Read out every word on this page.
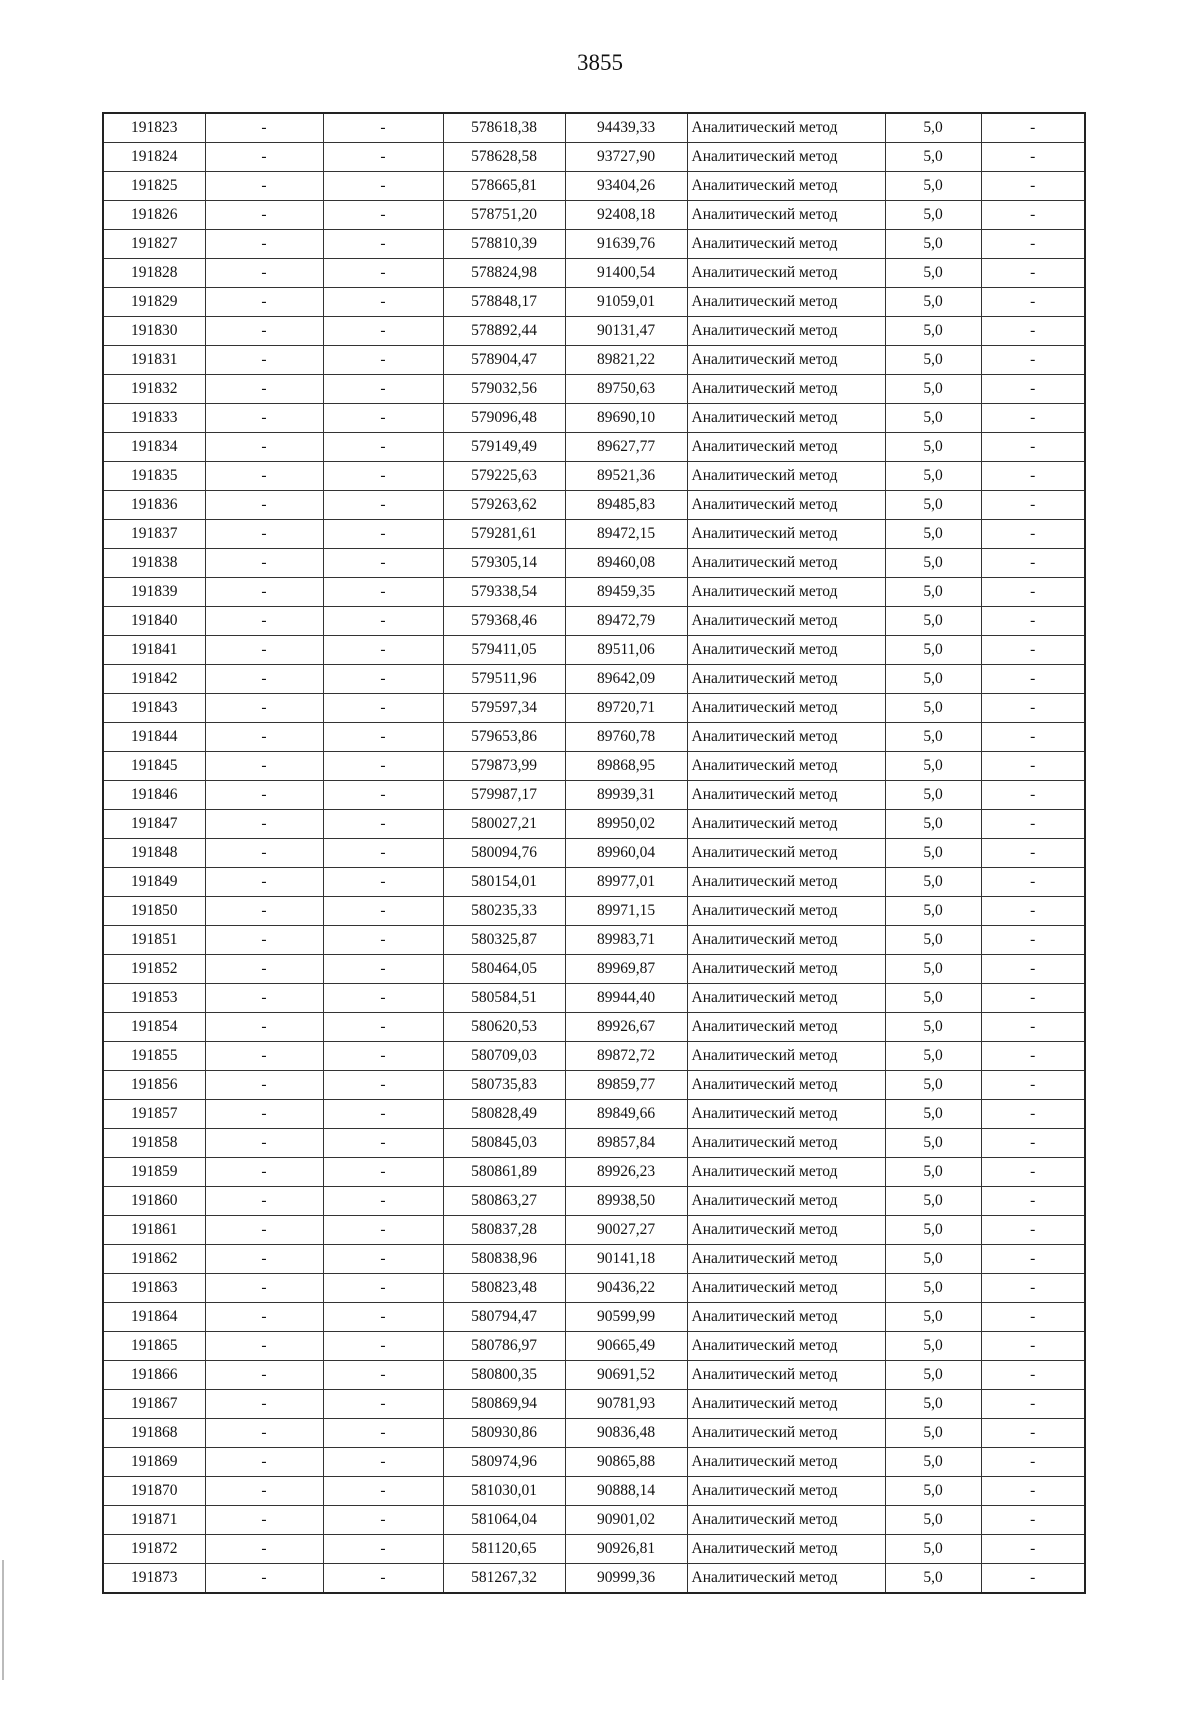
3855
191823	-	-	578618,38	94439,33	Аналитический метод	5,0	-
191824	-	-	578628,58	93727,90	Аналитический метод	5,0	-
191825	-	-	578665,81	93404,26	Аналитический метод	5,0	-
191826	-	-	578751,20	92408,18	Аналитический метод	5,0	-
191827	-	-	578810,39	91639,76	Аналитический метод	5,0	-
191828	-	-	578824,98	91400,54	Аналитический метод	5,0	-
191829	-	-	578848,17	91059,01	Аналитический метод	5,0	-
191830	-	-	578892,44	90131,47	Аналитический метод	5,0	-
191831	-	-	578904,47	89821,22	Аналитический метод	5,0	-
191832	-	-	579032,56	89750,63	Аналитический метод	5,0	-
191833	-	-	579096,48	89690,10	Аналитический метод	5,0	-
191834	-	-	579149,49	89627,77	Аналитический метод	5,0	-
191835	-	-	579225,63	89521,36	Аналитический метод	5,0	-
191836	-	-	579263,62	89485,83	Аналитический метод	5,0	-
191837	-	-	579281,61	89472,15	Аналитический метод	5,0	-
191838	-	-	579305,14	89460,08	Аналитический метод	5,0	-
191839	-	-	579338,54	89459,35	Аналитический метод	5,0	-
191840	-	-	579368,46	89472,79	Аналитический метод	5,0	-
191841	-	-	579411,05	89511,06	Аналитический метод	5,0	-
191842	-	-	579511,96	89642,09	Аналитический метод	5,0	-
191843	-	-	579597,34	89720,71	Аналитический метод	5,0	-
191844	-	-	579653,86	89760,78	Аналитический метод	5,0	-
191845	-	-	579873,99	89868,95	Аналитический метод	5,0	-
191846	-	-	579987,17	89939,31	Аналитический метод	5,0	-
191847	-	-	580027,21	89950,02	Аналитический метод	5,0	-
191848	-	-	580094,76	89960,04	Аналитический метод	5,0	-
191849	-	-	580154,01	89977,01	Аналитический метод	5,0	-
191850	-	-	580235,33	89971,15	Аналитический метод	5,0	-
191851	-	-	580325,87	89983,71	Аналитический метод	5,0	-
191852	-	-	580464,05	89969,87	Аналитический метод	5,0	-
191853	-	-	580584,51	89944,40	Аналитический метод	5,0	-
191854	-	-	580620,53	89926,67	Аналитический метод	5,0	-
191855	-	-	580709,03	89872,72	Аналитический метод	5,0	-
191856	-	-	580735,83	89859,77	Аналитический метод	5,0	-
191857	-	-	580828,49	89849,66	Аналитический метод	5,0	-
191858	-	-	580845,03	89857,84	Аналитический метод	5,0	-
191859	-	-	580861,89	89926,23	Аналитический метод	5,0	-
191860	-	-	580863,27	89938,50	Аналитический метод	5,0	-
191861	-	-	580837,28	90027,27	Аналитический метод	5,0	-
191862	-	-	580838,96	90141,18	Аналитический метод	5,0	-
191863	-	-	580823,48	90436,22	Аналитический метод	5,0	-
191864	-	-	580794,47	90599,99	Аналитический метод	5,0	-
191865	-	-	580786,97	90665,49	Аналитический метод	5,0	-
191866	-	-	580800,35	90691,52	Аналитический метод	5,0	-
191867	-	-	580869,94	90781,93	Аналитический метод	5,0	-
191868	-	-	580930,86	90836,48	Аналитический метод	5,0	-
191869	-	-	580974,96	90865,88	Аналитический метод	5,0	-
191870	-	-	581030,01	90888,14	Аналитический метод	5,0	-
191871	-	-	581064,04	90901,02	Аналитический метод	5,0	-
191872	-	-	581120,65	90926,81	Аналитический метод	5,0	-
191873	-	-	581267,32	90999,36	Аналитический метод	5,0	-
